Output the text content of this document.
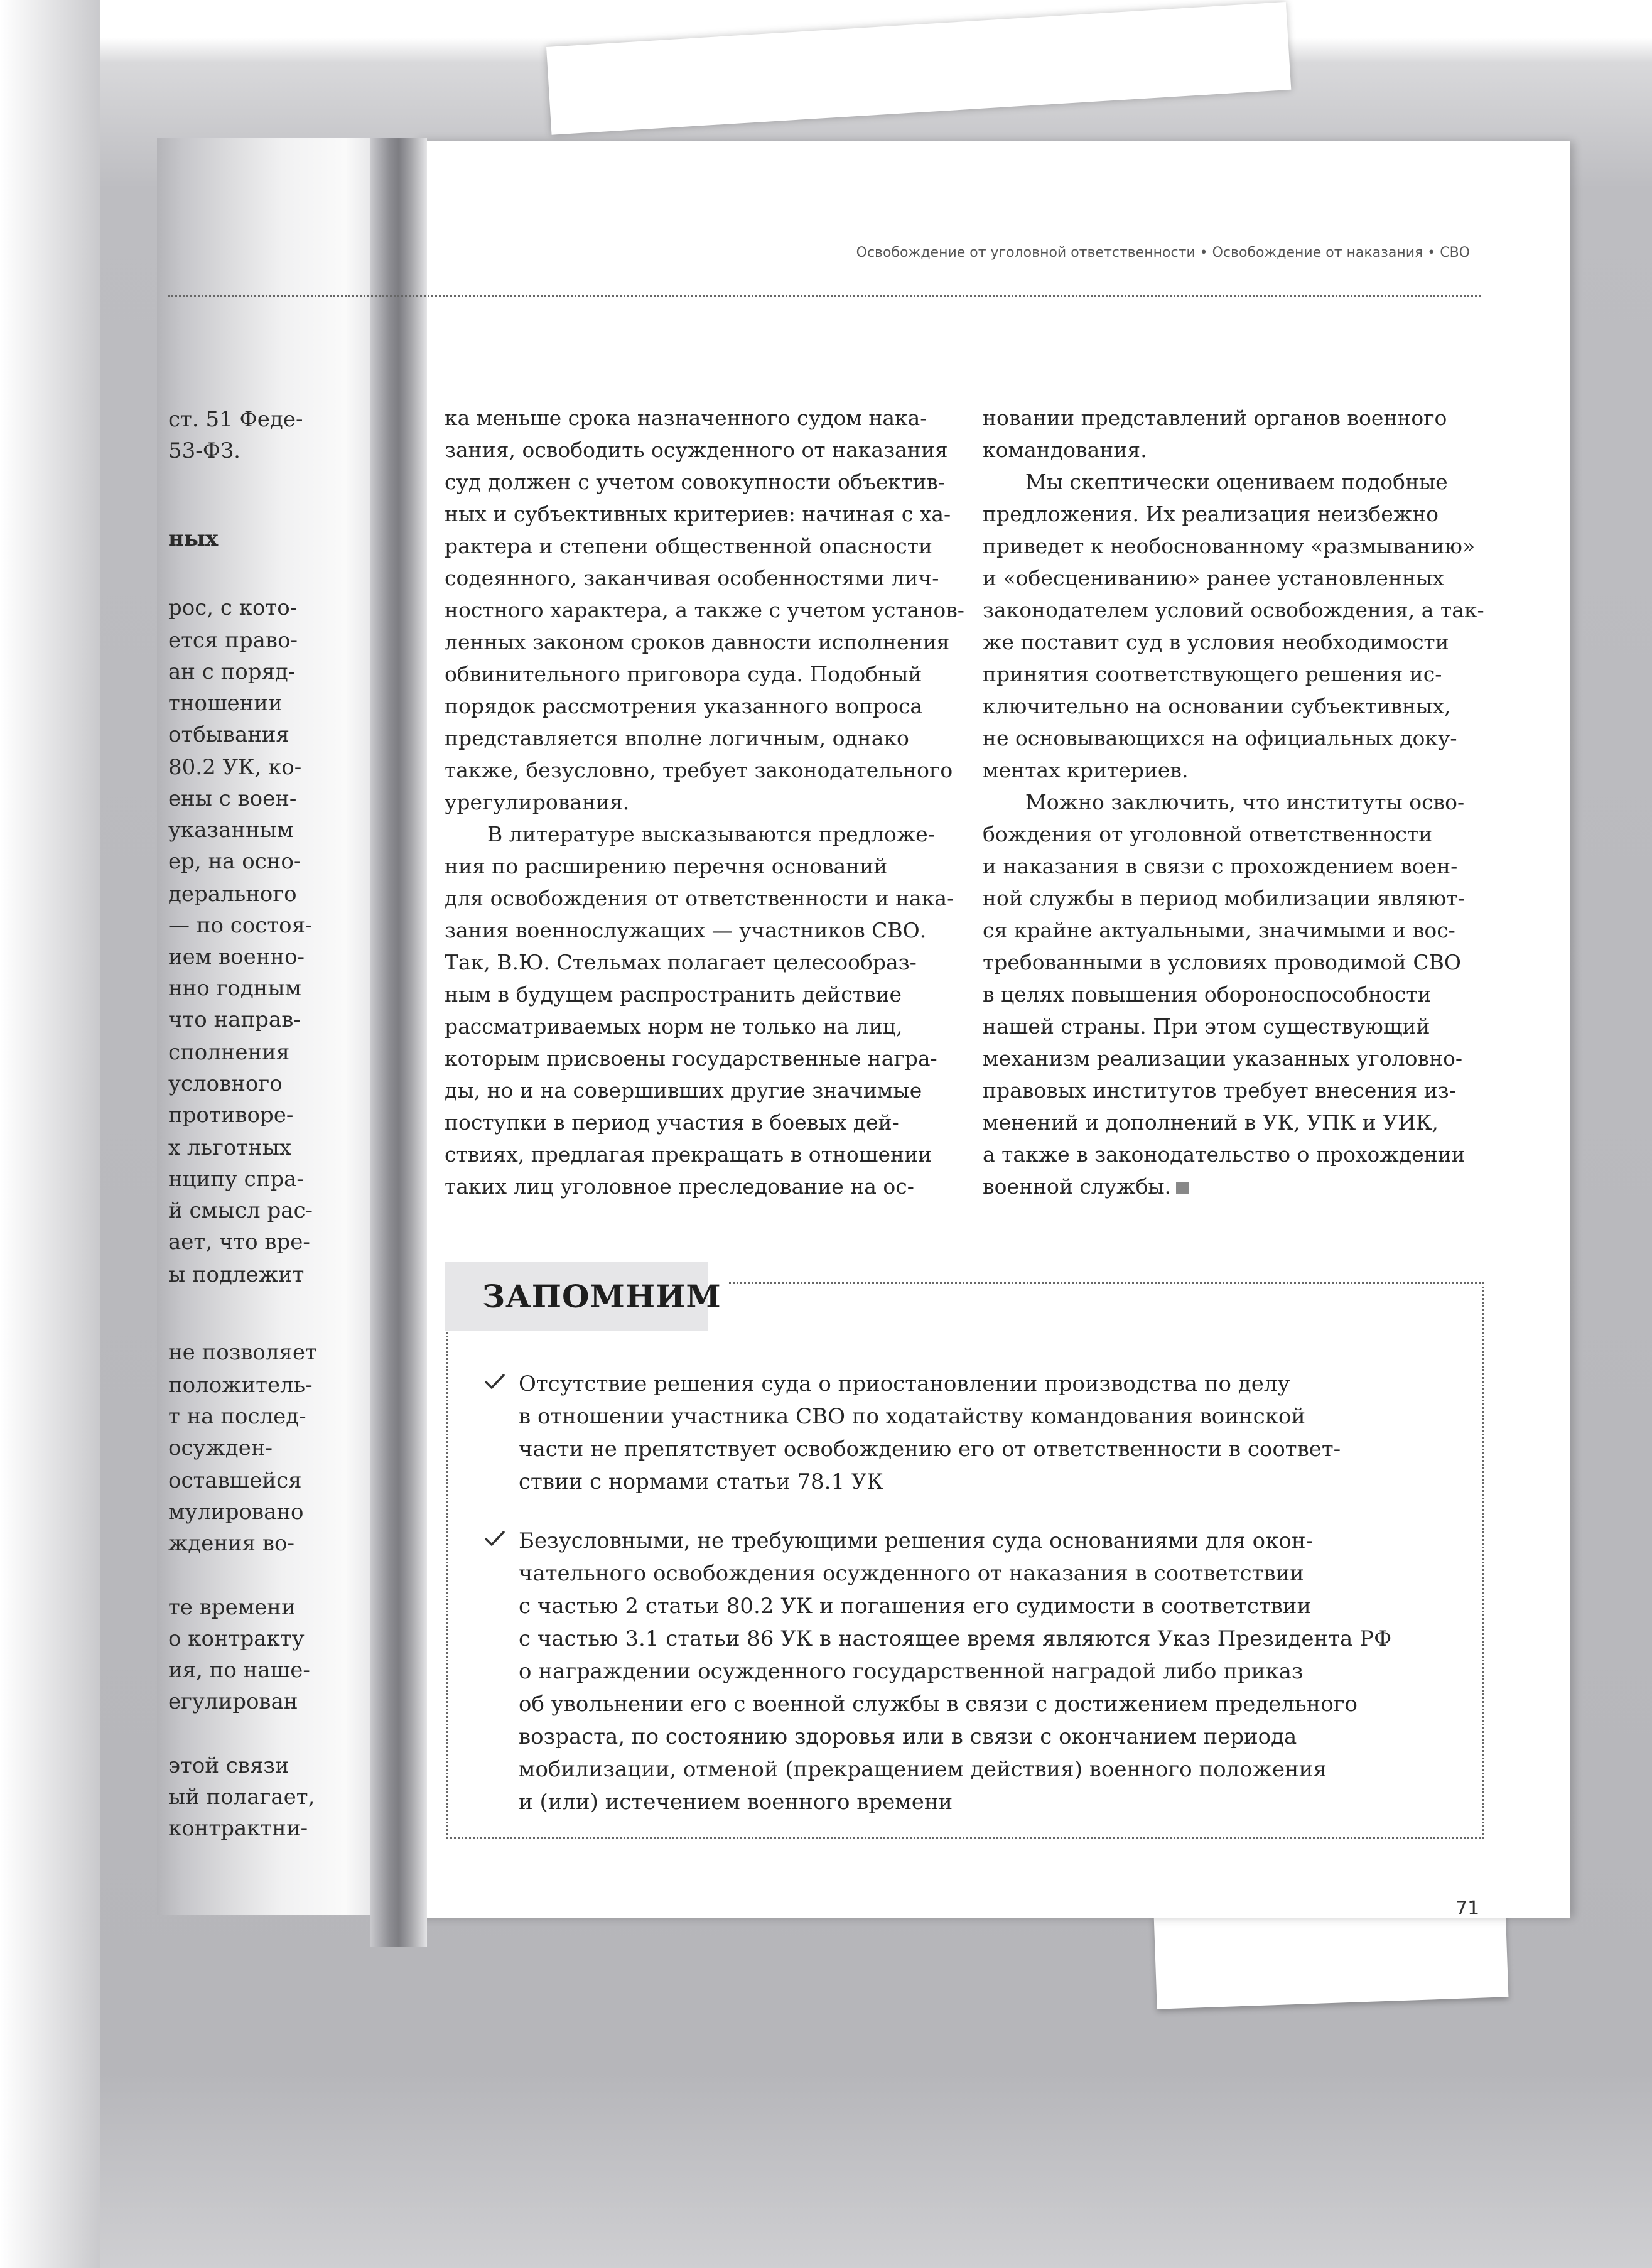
ст. 51 Феде-
53-ФЗ.
ных
рос, с кото-
ется право-
ан с поряд-
тношении
отбывания
80.2 УК, ко-
ены с воен-
указанным
ер, на осно-
дерального
— по состоя-
ием военно-
нно годным
что направ-
сполнения
условного
противоре-
х льготных
нципу спра-
й смысл рас-
ает, что вре-
ы подлежит
не позволяет
положитель-
т на послед-
осужден-
оставшейся
мулировано
ждения во-
те времени
о контракту
ия, по наше-
егулирован
этой связи
ый полагает,
контрактни-
Освобождение от уголовной ответственности • Освобождение от наказания • СВО

ка меньше срока назначенного судом нака-
зания, освободить осужденного от наказания
суд должен с учетом совокупности объектив-
ных и субъективных критериев: начиная с ха-
рактера и степени общественной опасности
содеянного, заканчивая особенностями лич-
ностного характера, а также с учетом установ-
ленных законом сроков давности исполнения
обвинительного приговора суда. Подобный
порядок рассмотрения указанного вопроса
представляется вполне логичным, однако
также, безусловно, требует законодательного
урегулирования.

В литературе высказываются предложе-
ния по расширению перечня оснований
для освобождения от ответственности и нака-
зания военнослужащих — участников СВО.
Так, В.Ю. Стельмах полагает целесообраз-
ным в будущем распространить действие
рассматриваемых норм не только на лиц,
которым присвоены государственные награ-
ды, но и на совершивших другие значимые
поступки в период участия в боевых дей-
ствиях, предлагая прекращать в отношении
таких лиц уголовное преследование на ос-

новании представлений органов военного
командования.

Мы скептически оцениваем подобные
предложения. Их реализация неизбежно
приведет к необоснованному «размыванию»
и «обесцениванию» ранее установленных
законодателем условий освобождения, а так-
же поставит суд в условия необходимости
принятия соответствующего решения ис-
ключительно на основании субъективных,
не основывающихся на официальных доку-
ментах критериев.

Можно заключить, что институты осво-
бождения от уголовной ответственности
и наказания в связи с прохождением воен-
ной службы в период мобилизации являют-
ся крайне актуальными, значимыми и вос-
требованными в условиях проводимой СВО
в целях повышения обороноспособности
нашей страны. При этом существующий
механизм реализации указанных уголовно-
правовых институтов требует внесения из-
менений и дополнений в УК, УПК и УИК,
а также в законодательство о прохождении
военной службы.

ЗАПОМНИМ
Отсутствие решения суда о приостановлении производства по делу
в отношении участника СВО по ходатайству командования воинской
части не препятствует освобождению его от ответственности в соответ-
ствии с нормами статьи 78.1 УК
Безусловными, не требующими решения суда основаниями для окон-
чательного освобождения осужденного от наказания в соответствии
с частью 2 статьи 80.2 УК и погашения его судимости в соответствии
с частью 3.1 статьи 86 УК в настоящее время являются Указ Президента РФ
о награждении осужденного государственной наградой либо приказ
об увольнении его с военной службы в связи с достижением предельного
возраста, по состоянию здоровья или в связи с окончанием периода
мобилизации, отменой (прекращением действия) военного положения
и (или) истечением военного времени
71
